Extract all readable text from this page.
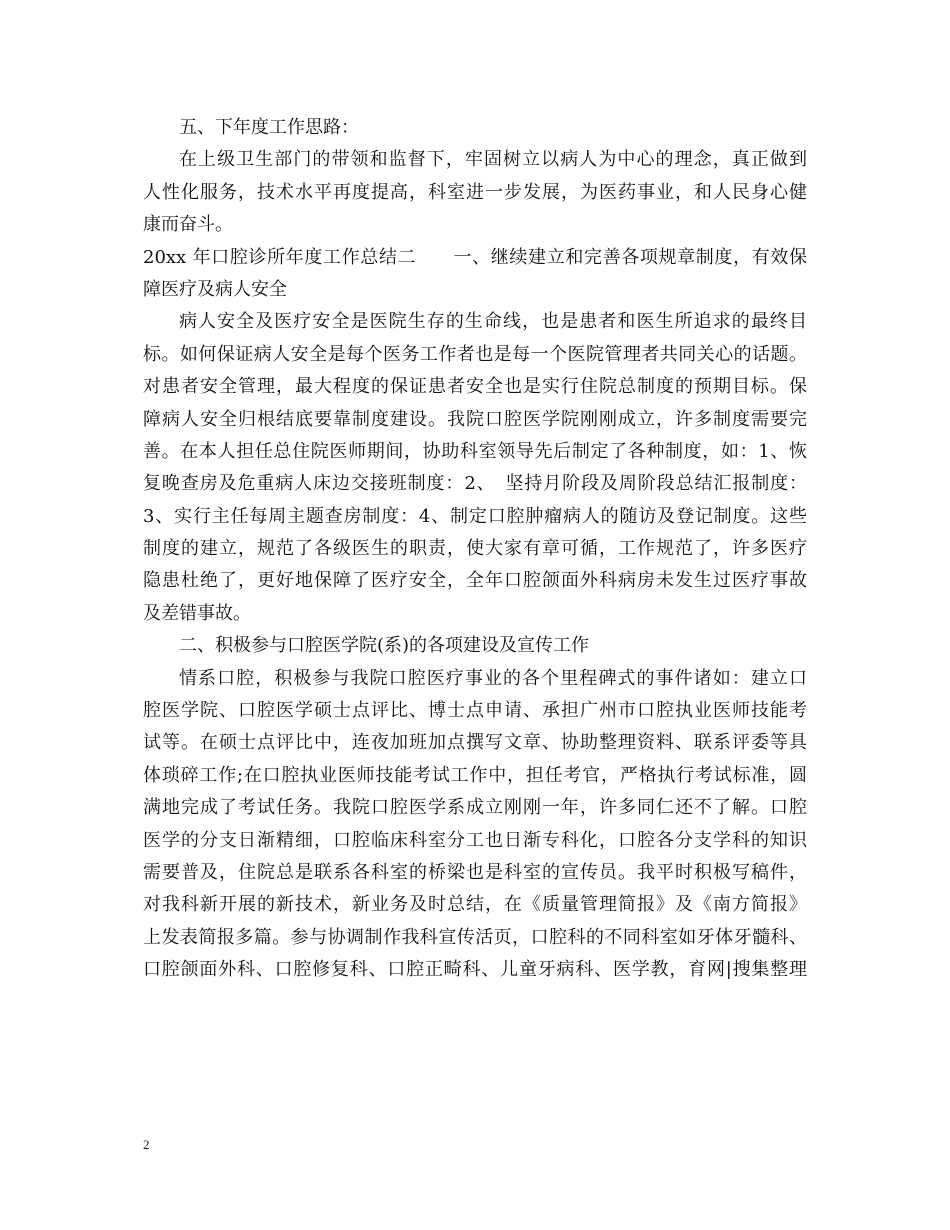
五、下年度工作思路：
在上级卫生部门的带领和监督下，牢固树立以病人为中心的理念，真正做到
人性化服务，技术水平再度提高，科室进一步发展，为医药事业，和人民身心健
康而奋斗。
20xx 年口腔诊所年度工作总结二　　一、继续建立和完善各项规章制度，有效保
障医疗及病人安全
病人安全及医疗安全是医院生存的生命线，也是患者和医生所追求的最终目
标。如何保证病人安全是每个医务工作者也是每一个医院管理者共同关心的话题。
对患者安全管理，最大程度的保证患者安全也是实行住院总制度的预期目标。保
障病人安全归根结底要靠制度建设。我院口腔医学院刚刚成立，许多制度需要完
善。在本人担任总住院医师期间，协助科室领导先后制定了各种制度，如：1、恢
复晚查房及危重病人床边交接班制度：2、　坚持月阶段及周阶段总结汇报制度：
3、实行主任每周主题查房制度：4、制定口腔肿瘤病人的随访及登记制度。这些
制度的建立，规范了各级医生的职责，使大家有章可循，工作规范了，许多医疗
隐患杜绝了，更好地保障了医疗安全，全年口腔颌面外科病房未发生过医疗事故
及差错事故。
二、积极参与口腔医学院(系)的各项建设及宣传工作
情系口腔，积极参与我院口腔医疗事业的各个里程碑式的事件诸如：建立口
腔医学院、口腔医学硕士点评比、博士点申请、承担广州市口腔执业医师技能考
试等。在硕士点评比中，连夜加班加点撰写文章、协助整理资料、联系评委等具
体琐碎工作;在口腔执业医师技能考试工作中，担任考官，严格执行考试标准，圆
满地完成了考试任务。我院口腔医学系成立刚刚一年，许多同仁还不了解。口腔
医学的分支日渐精细，口腔临床科室分工也日渐专科化，口腔各分支学科的知识
需要普及，住院总是联系各科室的桥梁也是科室的宣传员。我平时积极写稿件，
对我科新开展的新技术，新业务及时总结，在《质量管理简报》及《南方简报》
上发表简报多篇。参与协调制作我科宣传活页，口腔科的不同科室如牙体牙髓科、
口腔颌面外科、口腔修复科、口腔正畸科、儿童牙病科、医学教，育网|搜集整理
2
